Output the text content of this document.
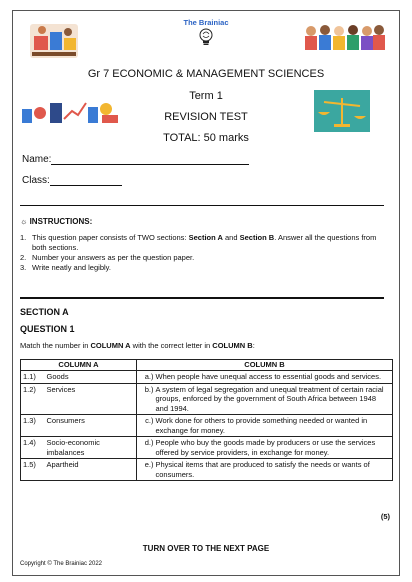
The Brainiac
Gr 7 ECONOMIC & MANAGEMENT SCIENCES
Term 1
REVISION TEST
TOTAL: 50 marks
Name:
Class:
☼ INSTRUCTIONS:
1. This question paper consists of TWO sections: Section A and Section B. Answer all the questions from both sections.
2. Number your answers as per the question paper.
3. Write neatly and legibly.
SECTION A
QUESTION 1
Match the number in COLUMN A with the correct letter in COLUMN B:
COLUMN A		COLUMN B	
1.1)	Goods	a.)	When people have unequal access to essential goods and services.
1.2)	Services	b.)	A system of legal segregation and unequal treatment of certain racial groups, enforced by the government of South Africa between 1948 and 1994.
1.3)	Consumers	c.)	Work done for others to provide something needed or wanted in exchange for money.
1.4)	Socio-economic imbalances	d.)	People who buy the goods made by producers or use the services offered by service providers, in exchange for money.
1.5)	Apartheid	e.)	Physical items that are produced to satisfy the needs or wants of consumers.
(5)
TURN OVER TO THE NEXT PAGE
Copyright © The Brainiac 2022
